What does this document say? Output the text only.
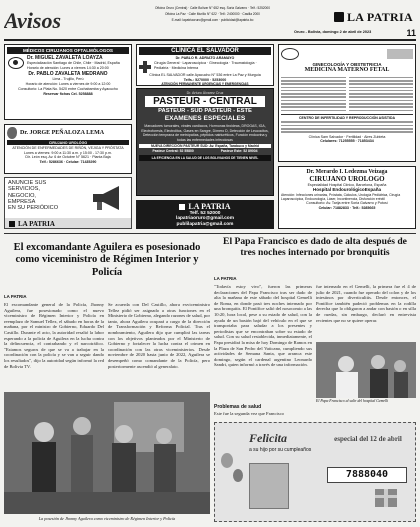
Avisos	Oficina Oruro (Central) · Calle Bolívar N° 652 esq. Soria Galvarro · Telf.: 5252000
Oficina La Paz · Calle Murillo N° 622 · Telf.: 2400000 · Casilla 2000
E-mail: lapatriaoruro@gmail.com · publicidad@lapatria.bo	LA PATRIA
Oruro - Bolivia, domingo 2 de abril de 2023	11
MÉDICOS CIRUJANOS OFTALMÓLOGOS
Dr. MIGUEL ZAVALETA LOAYZA
Especialización Santiago de Chile, Chile · Madrid, España
Horario de atención: Lunes a viernes 14:30 a 20:00
Dr. PABLO ZAVALETA MEDRANO
Lima - Trujillo, Perú
Horario de atención: Lunes a viernes de 9:00 a 12:00
Consultorio: La Plata No. 5420 entre Cochabamba y Ayacucho
Reservar fichas Cel. 5258888
Dr. JORGE PEÑALOZA LEMA
CIRUJANO UROLÓGO
ATENCIÓN DE ENFERMEDADES DE RIÑÓN, VEJIGA Y PRÓSTATA
Lunes a viernes: 9:00 a 11:30 a.m. y 15:00 - 17:30 p.m.
Dir. León esq. Av. 6 de Octubre N° 5621 · Planta Baja
Telf.: 5286636 · Celular: 71435290
ANUNCIE SUS
SERVICIOS,
NEGOCIO,
EMPRESA
EN SU PERIÓDICO
LA PATRIA
CLÍNICA EL SALVADOR
Dr. PABLO R. ADRIATO ARAMAYO
Cirugía General · Laparoscópica · Ginecología · Traumatología · Pediatría · Medicina Interna
Clínica EL SALVADOR calle Ayacucho N° 536 entre La Paz y Murguía
Telfs.: 5270000 · 5253000
ATENCIÓN PERMANENTE URGENCIAS Y EMERGENCIAS
Dr. Arturo Álvarez Cruz
PASTEUR - CENTRAL
PASTEUR - SUD PASTEUR - ESTE
EXAMENES ESPECIALES
Marcadores tumorales, virales cardíacos, Hormonas tiroideas, DROGAS, IGA, Electroforesis, Electrolitos, Gases en Sangre, Dímero D, Detección de Leucocitos, Detección temprana de metrópatías, péptidos natriuréticos, Función endocrina y todas las enfermedades infecciosas
NUEVA DIRECCIÓN PASTEUR SUD: Av. España, Tarabuco y Madrid
Pasteur Central: 52 55800	Pasteur Este: 52 89004
LA EFICIENCIA EN LA SALUD DE LOS BOLIVIANOS DE TIENEN NIVEL
LA PATRIA
Telf. 52 52000
lapatriaoruro@gmail.com
publilapatria@gmail.com
GINECOLOGÍA Y OBSTETRICIA
MEDICINA MATERNO FETAL
CENTRO DE INFERTILIDAD Y REPRODUCCIÓN ASISTIDA
Clínica Sam Salvador · Fertilidad · Aires Zubieta
Celulares: 71255555 · 71853434
Dr. Merardo I. Ledezma Veizaga
CIRUJANO UROLOGO
Especialidad Hospital Clínico, Barcelona, España
Hospital EndourológicoEspaña
Atención: Infecciones urinarias, Próstata, Cálculos, Urología Pediátrica, Cirugía Laparoscópica, Endourología, Láser, Incontinencia, Disfunción eréctil
Consultorio: Av. Tarija entre Soria Galvarro y Potosí
Celular: 71882833 · Telf.: 5285665
El excomandante Aguilera es posesionado como viceministro de Régimen Interior y Policía
LA PATRIA
El excomandante general de la Policía, Jhonny Aguilera, fue posesionado como el nuevo viceministro de Régimen Interior y Policía en reemplazo de Samuel Tellez, el sábado en horas de la mañana, por el ministro de Gobierno, Eduardo Del Castillo. Durante el acto, la autoridad resaltó la labor esperando a la policía de Aguilera en la lucha contra la delincuencia, el contrabando y el narcotráfico. "Estamos seguros de que se va a trabajar en la coordinación con la policía y se van a seguir dando los resultados", dijo la autoridad según informó la red de Bolivia TV.
Se acuerda con Del Castillo, ahora exviceministro Tellez pidió ser asignado a otras funciones en el Ministerio de Gobierno, alegando razones de salud, por tanto, ahora Aguilera ocupará a cargo de la dirección de Transformación y Reforma Policial. Tras el nombramiento, Aguilera dijo que cumplirá las tareas con los objetivos planteados por el Ministerio de Gobierno y fortalecer la lucha contra el crimen en coordinación con las otras viceministerios. Desde noviembre de 2020 hasta junio de 2022, Aguilera se desempeñó como comandante de la Policía, pero posteriormente ascendió al generalato.
La posesión de Jhonny Aguilera como viceministro de Régimen Interior y Policía
El Papa Francisco es dado de alta después de tres noches internado por bronquitis
LA PATRIA
"Todavía estoy vivo", fueron las primeras declaraciones del Papa Francisco tras ser dado de alta la mañana de este sábado del hospital Gemelli de Roma, en donde pasó tres noches internado por una bronquitis. El Pontífice salió del nosocomio a las 10:20, hora local, pese a su estado de salud, con la ayuda de un bastón bajó del vehículo en el que se transportaba para saludar a los presentes y periodistas que se encontraban sobre su estado de salud. Con su salud restablecida, inmediatamente, el Papa presidirá la misa de hoy Domingo de Ramos en la Plaza de San Pedro del Vaticano, cumpliendo sus actividades de Semana Santa, que arranca este domingo, según el cardenal argentino Leonardo Sandri, quien informó a través de una información.
Problemas de salud
Este fue la segunda vez que Francisco
fue internado en el Gemelli, la primera fue el 4 de julio de 2021, cuando fue operado del colon y de los intestinos por diverticulitis. Desde entonces, el Pontífice también padeció problemas en la rodilla derecha que lo obligaron a andar con bastón o en silla de ruedas, sin embargo, declaró en entrevista recientes que no se quiere operar.
El Papa Francisco al salir del hospital Gemelli
Felicita
a su hijo por su cumpleaños
especial del 12 de abril
7888040
